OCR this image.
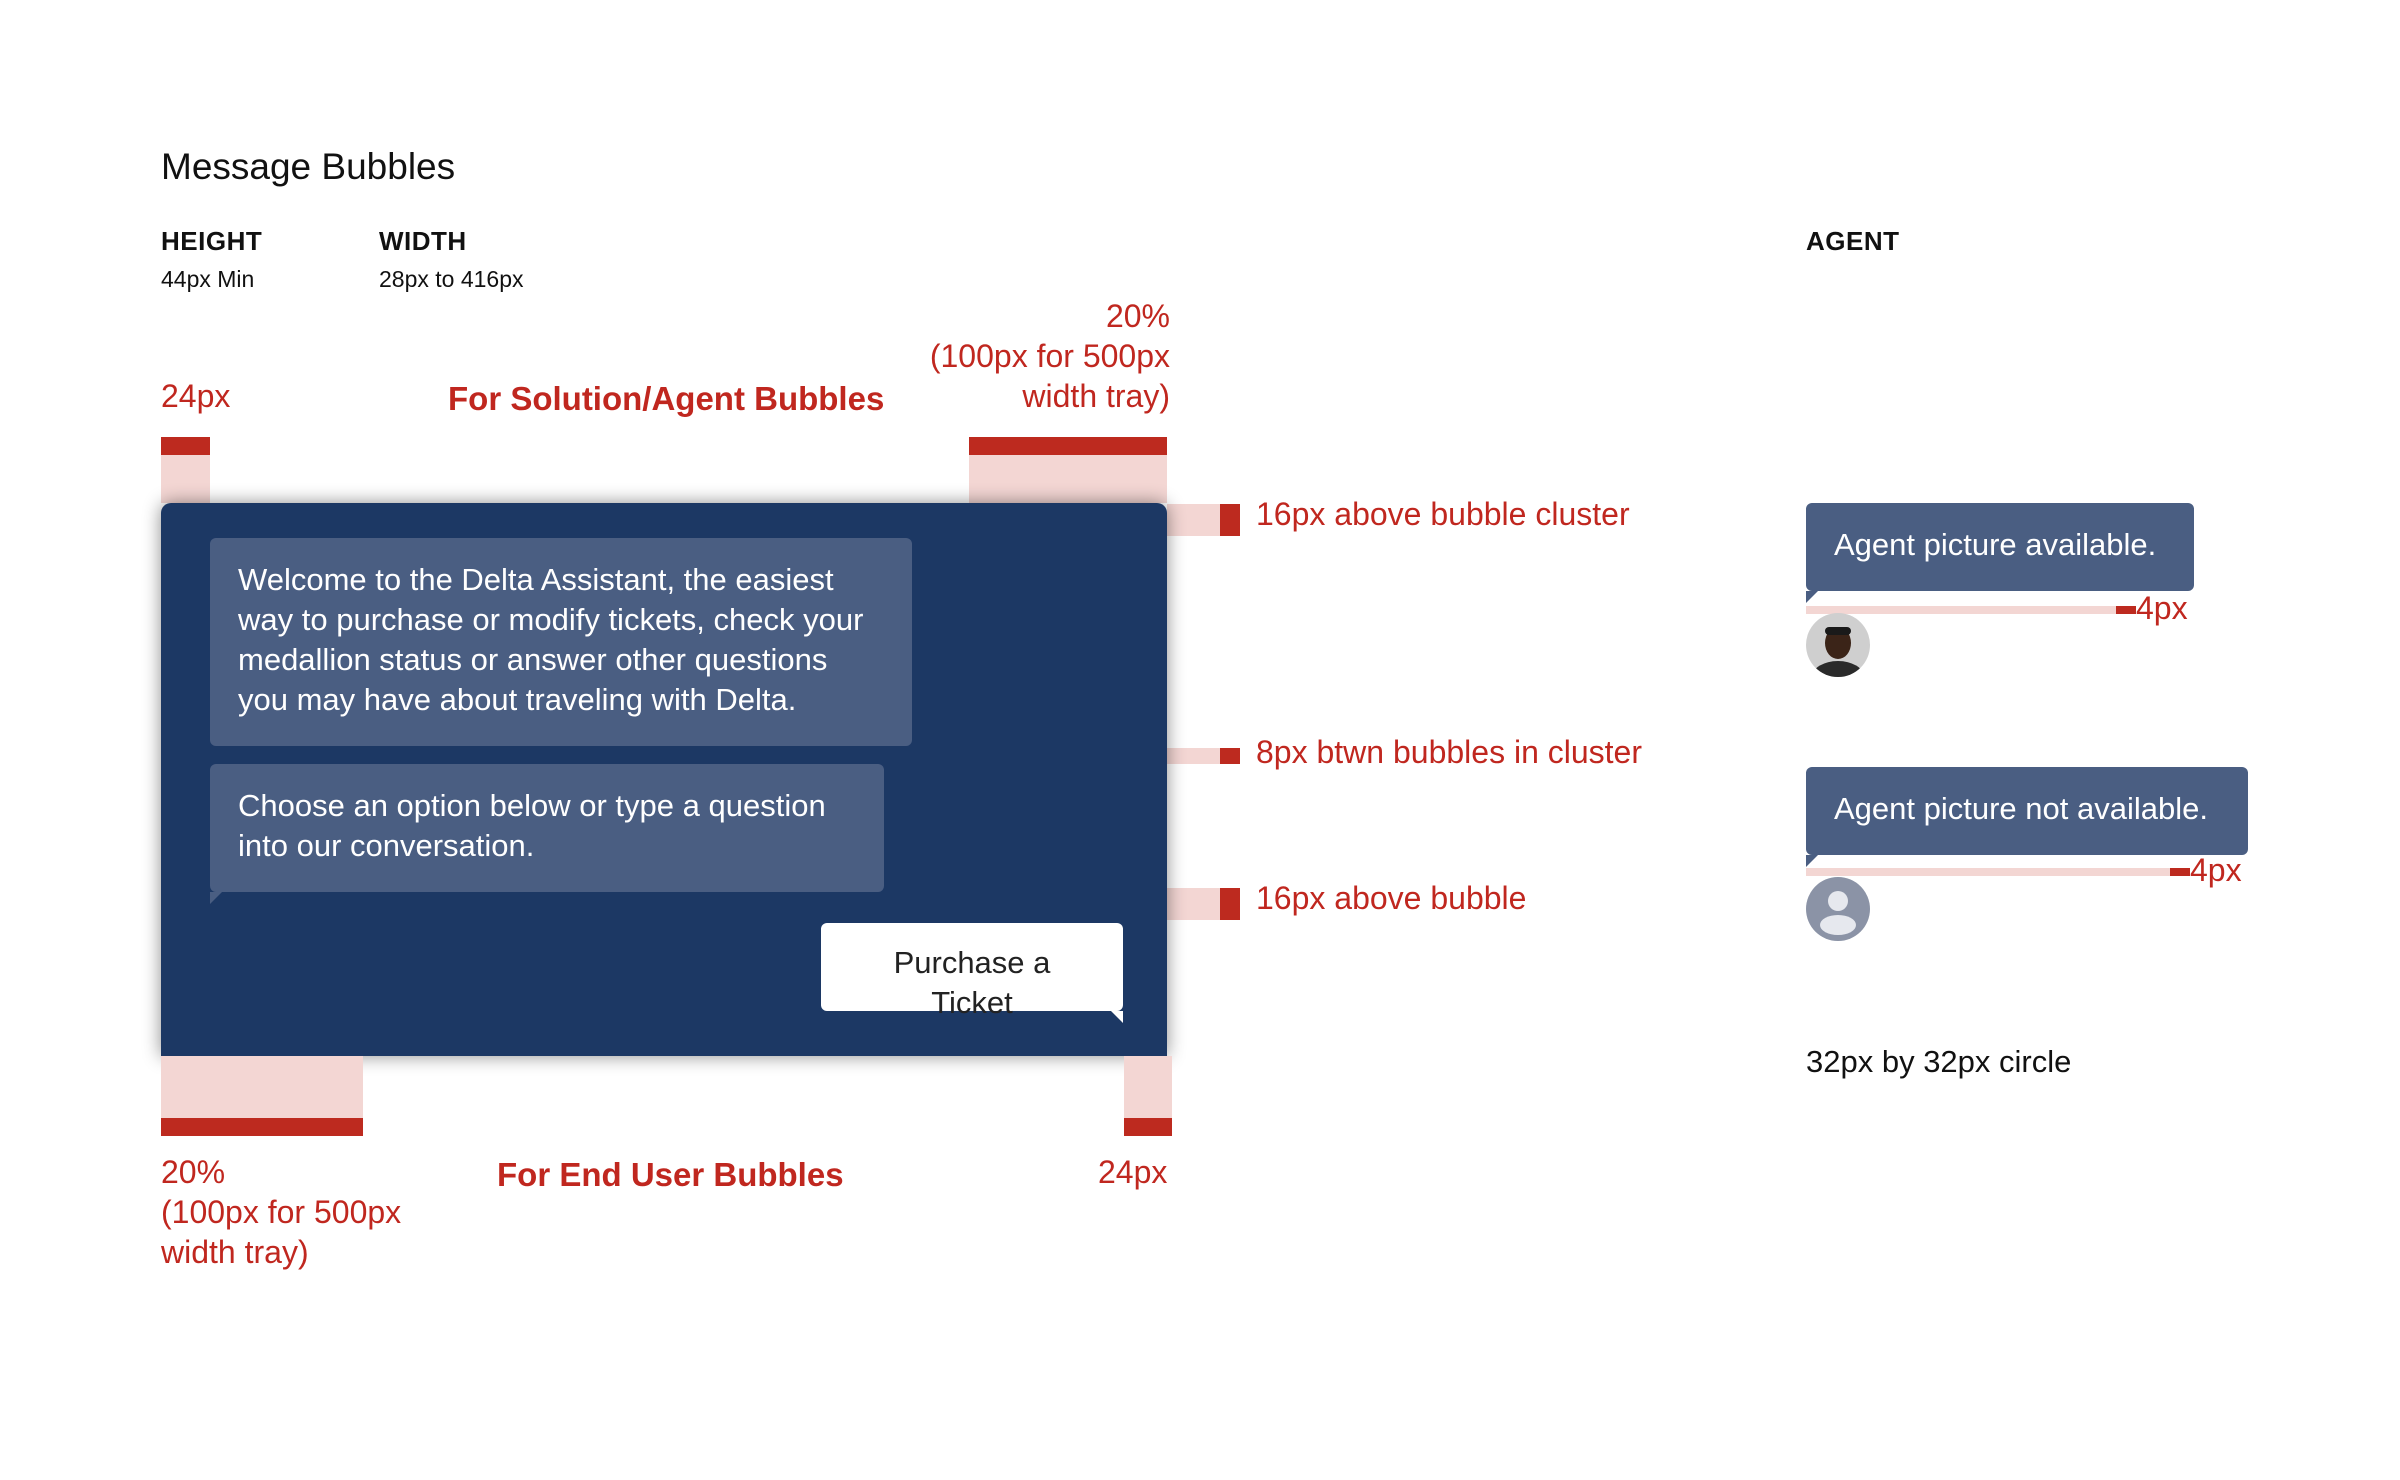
Message Bubbles
HEIGHT
44px Min
WIDTH
28px to 416px
AGENT
24px	For Solution/Agent Bubbles
20%
(100px for 500px
width tray)
16px above bubble cluster
8px btwn bubbles in cluster
16px above bubble
Welcome to the Delta Assistant, the easiest way to purchase or modify tickets, check your medallion status or answer other questions you may have about traveling with Delta.
Choose an option below or type a question into our conversation.
Purchase a Ticket
20%
(100px for 500px
width tray)
For End User Bubbles	24px
Agent picture available.
4px
Agent picture not available.
4px
32px by 32px circle
